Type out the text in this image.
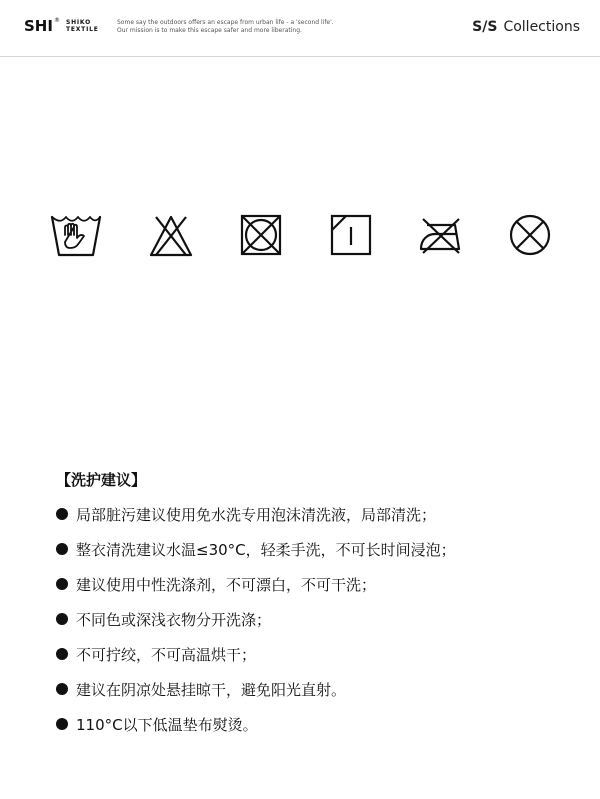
SHI ® SHIKO
TEXTILE
Some say the outdoors offers an escape from urban life - a 'second life'.
Our mission is to make this escape safer and more liberating.	S/S Collections
【洗护建议】
局部脏污建议使用免水洗专用泡沫清洗液，局部清洗；
整衣清洗建议水温≤30°C，轻柔手洗，不可长时间浸泡；
建议使用中性洗涤剂，不可漂白，不可干洗；
不同色或深浅衣物分开洗涤；
不可拧绞，不可高温烘干；
建议在阴凉处悬挂晾干，避免阳光直射。
110°C以下低温垫布熨烫。
